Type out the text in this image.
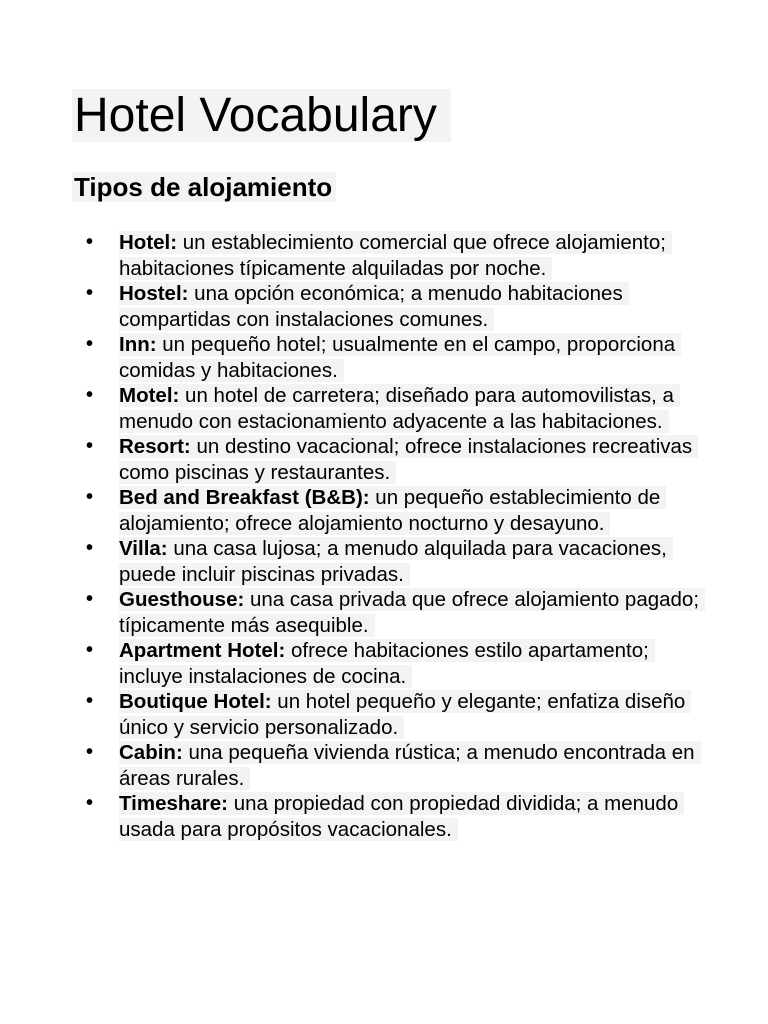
Hotel Vocabulary
Tipos de alojamiento
• Hotel: un establecimiento comercial que ofrece alojamiento; habitaciones típicamente alquiladas por noche.
• Hostel: una opción económica; a menudo habitaciones compartidas con instalaciones comunes.
• Inn: un pequeño hotel; usualmente en el campo, proporciona comidas y habitaciones.
• Motel: un hotel de carretera; diseñado para automovilistas, a menudo con estacionamiento adyacente a las habitaciones.
• Resort: un destino vacacional; ofrece instalaciones recreativas como piscinas y restaurantes.
• Bed and Breakfast (B&B): un pequeño establecimiento de alojamiento; ofrece alojamiento nocturno y desayuno.
• Villa: una casa lujosa; a menudo alquilada para vacaciones, puede incluir piscinas privadas.
• Guesthouse: una casa privada que ofrece alojamiento pagado; típicamente más asequible.
• Apartment Hotel: ofrece habitaciones estilo apartamento; incluye instalaciones de cocina.
• Boutique Hotel: un hotel pequeño y elegante; enfatiza diseño único y servicio personalizado.
• Cabin: una pequeña vivienda rústica; a menudo encontrada en áreas rurales.
• Timeshare: una propiedad con propiedad dividida; a menudo usada para propósitos vacacionales.
